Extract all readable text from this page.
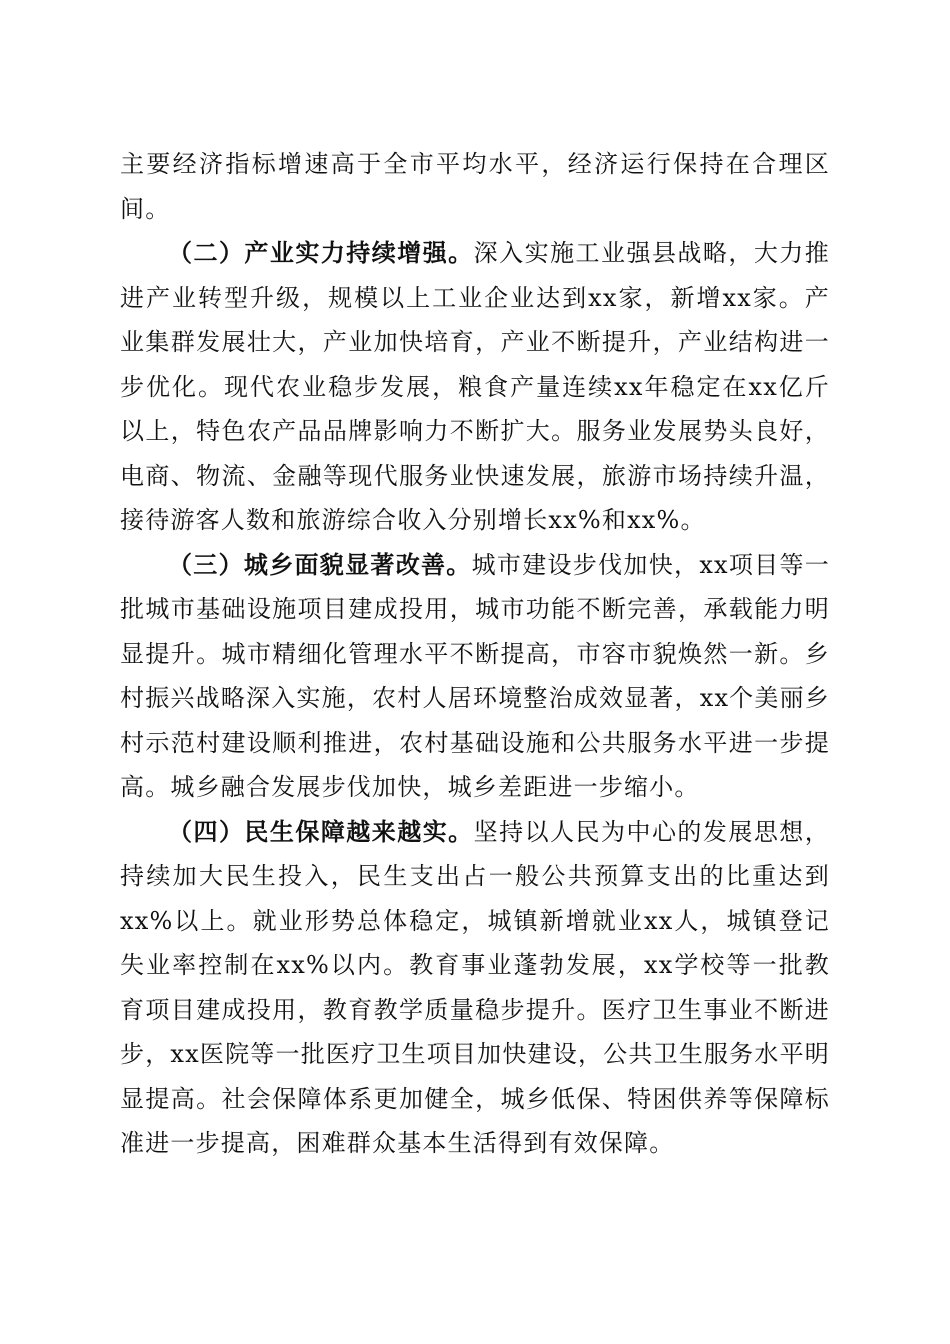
主要经济指标增速高于全市平均水平，经济运行保持在合理区间。

（二）产业实力持续增强。深入实施工业强县战略，大力推进产业转型升级，规模以上工业企业达到xx家，新增xx家。产业集群发展壮大，产业加快培育，产业不断提升，产业结构进一步优化。现代农业稳步发展，粮食产量连续xx年稳定在xx亿斤以上，特色农产品品牌影响力不断扩大。服务业发展势头良好，电商、物流、金融等现代服务业快速发展，旅游市场持续升温，接待游客人数和旅游综合收入分别增长xx%和xx%。

（三）城乡面貌显著改善。城市建设步伐加快，xx项目等一批城市基础设施项目建成投用，城市功能不断完善，承载能力明显提升。城市精细化管理水平不断提高，市容市貌焕然一新。乡村振兴战略深入实施，农村人居环境整治成效显著，xx个美丽乡村示范村建设顺利推进，农村基础设施和公共服务水平进一步提高。城乡融合发展步伐加快，城乡差距进一步缩小。

（四）民生保障越来越实。坚持以人民为中心的发展思想，持续加大民生投入，民生支出占一般公共预算支出的比重达到xx%以上。就业形势总体稳定，城镇新增就业xx人，城镇登记失业率控制在xx%以内。教育事业蓬勃发展，xx学校等一批教育项目建成投用，教育教学质量稳步提升。医疗卫生事业不断进步，xx医院等一批医疗卫生项目加快建设，公共卫生服务水平明显提高。社会保障体系更加健全，城乡低保、特困供养等保障标准进一步提高，困难群众基本生活得到有效保障。
